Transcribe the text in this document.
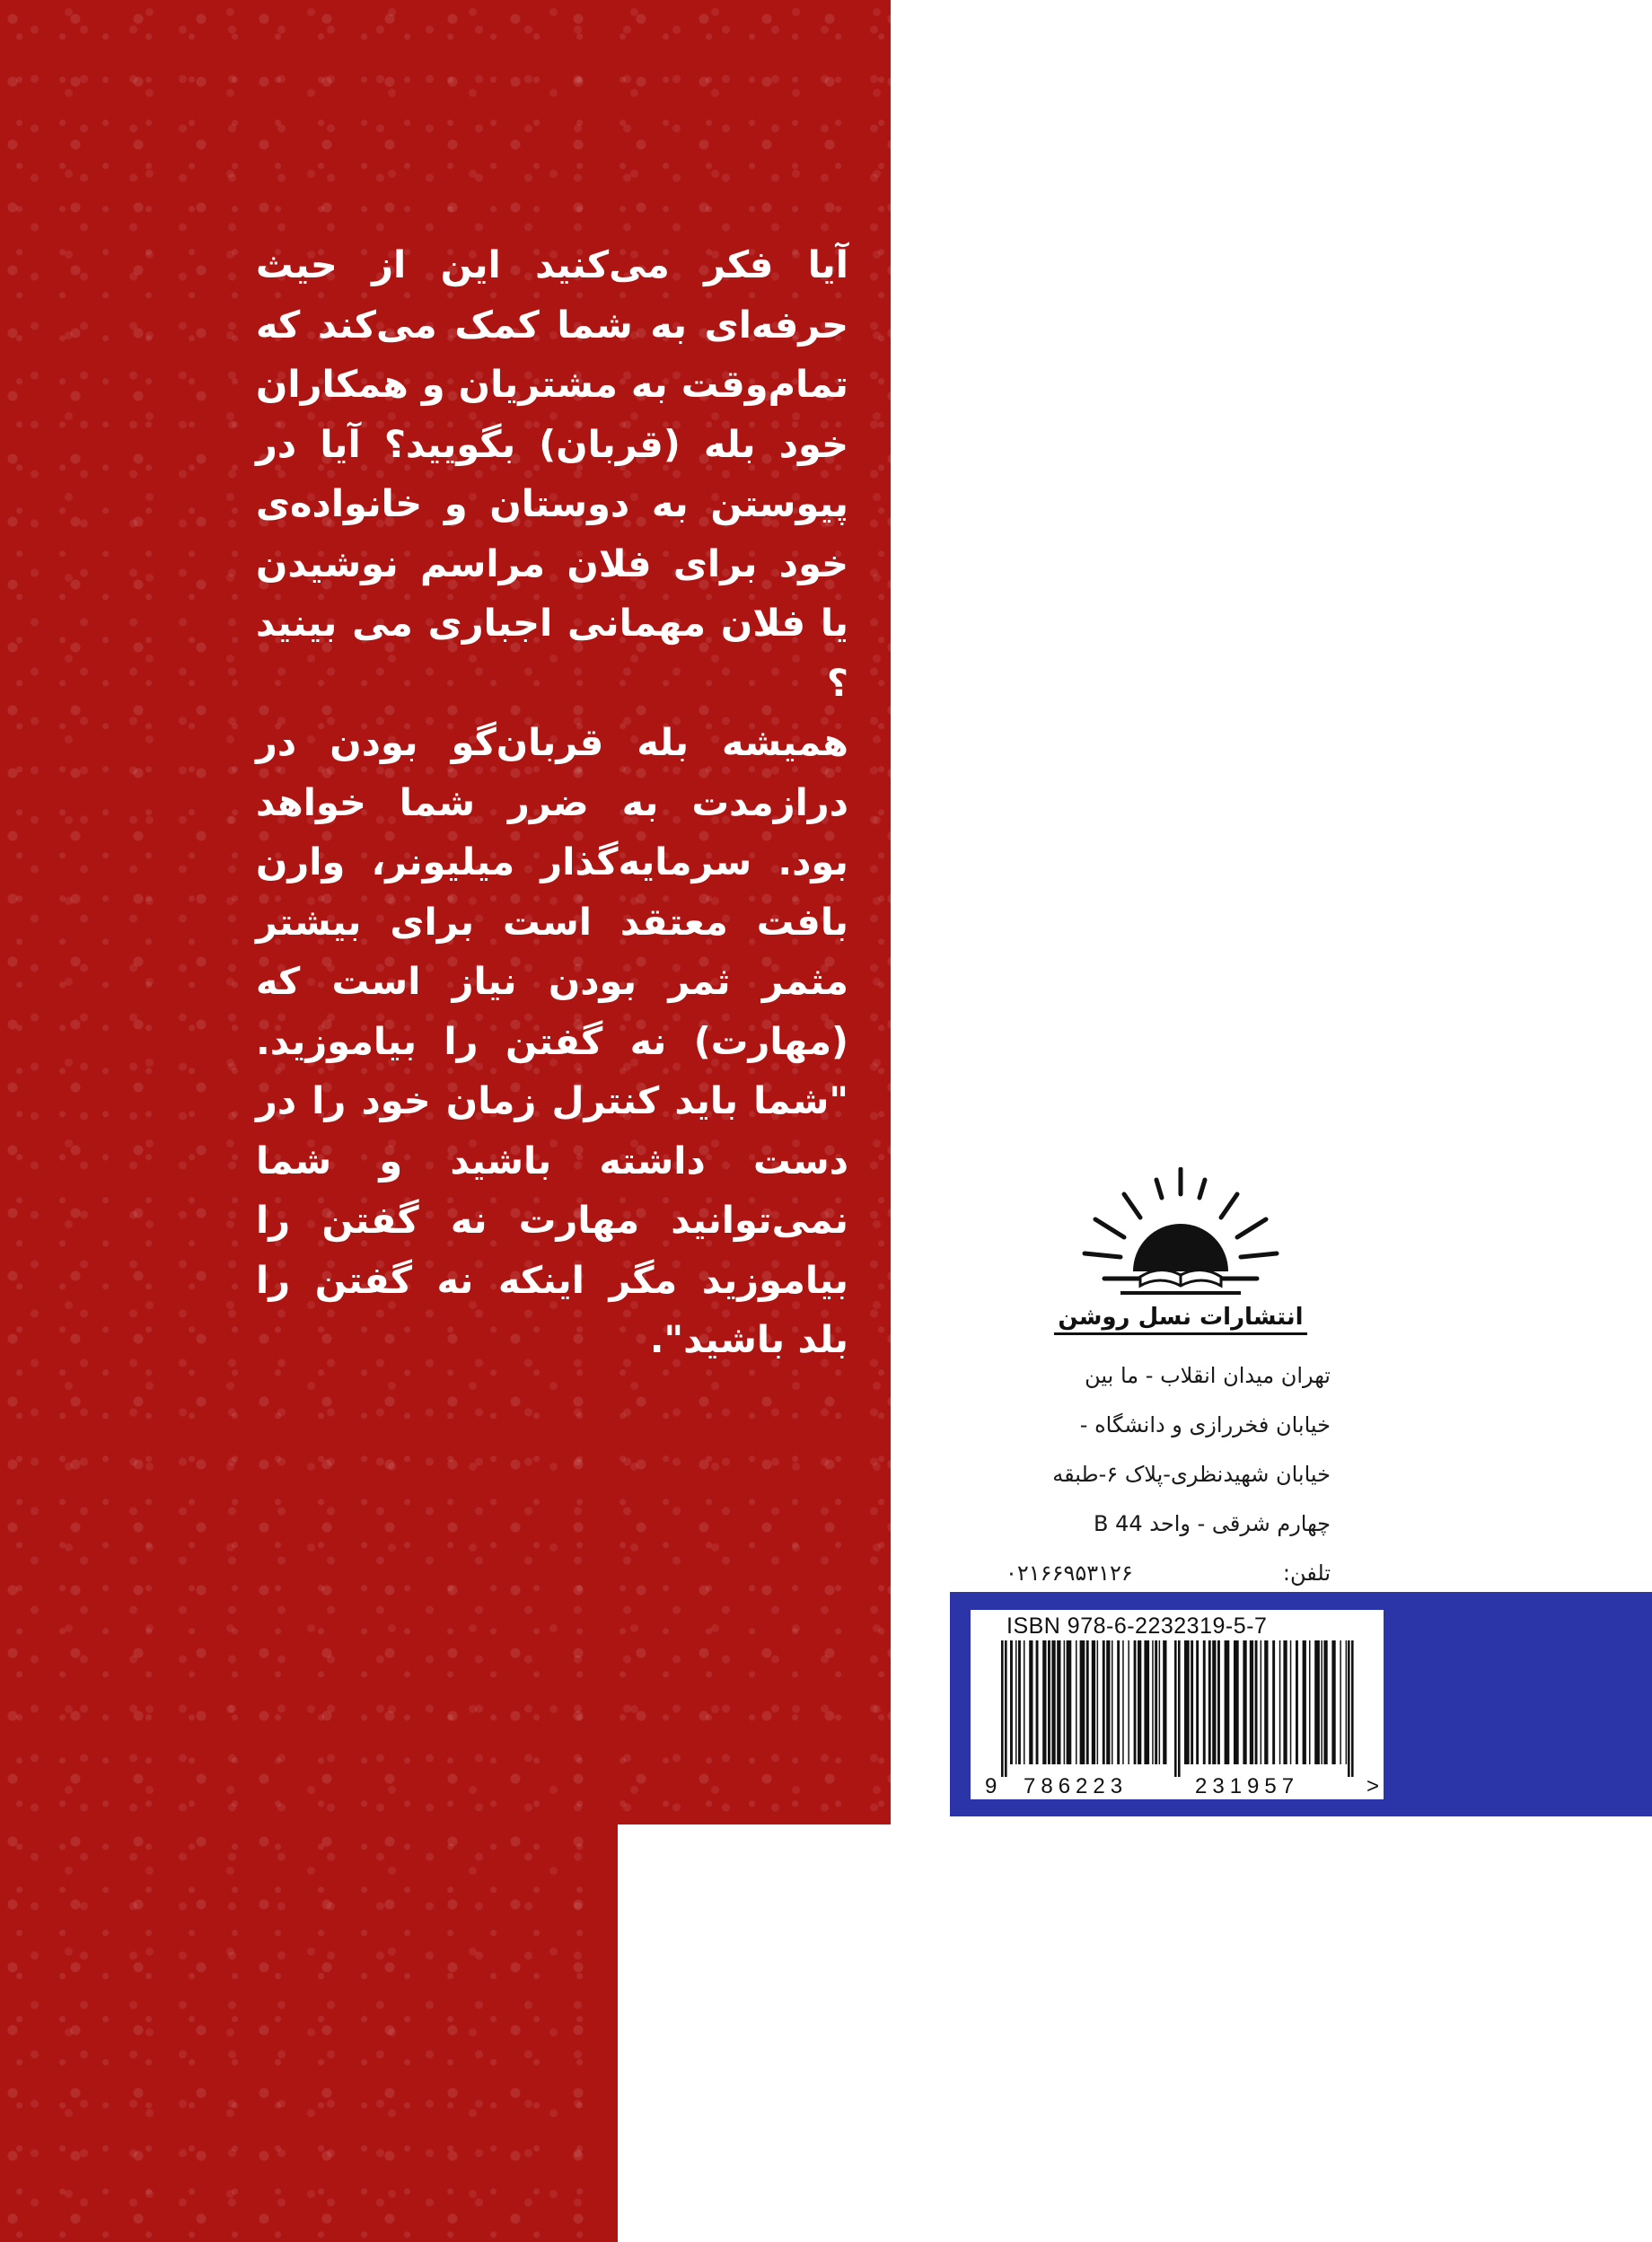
آیا فکر می‌کنید این از حیث حرفه‌ای به شما کمک می‌کند که تمام‌وقت به مشتریان و همکاران خود بله (قربان) بگویید؟ آیا در پیوستن به دوستان و خانواده‌ی خود برای فلان مراسم نوشیدن یا فلان مهمانی اجباری می بینید ؟

همیشه بله قربان‌گو بودن در درازمدت به ضرر شما خواهد بود. سرمایه‌گذار میلیونر، وارن بافت معتقد است برای بیشتر مثمر ثمر بودن نیاز است که (مهارت) نه گفتن را بیاموزید. "شما باید کنترل زمان خود را در دست داشته باشید و شما نمی‌توانید مهارت نه گفتن را بیاموزید مگر اینکه نه گفتن را بلد باشید".	انتشارات نسل روشن
تهران میدان انقلاب - ما بین
خیابان فخررازی و دانشگاه -
خیابان شهیدنظری-پلاک ۶-طبقه
چهارم شرقی - واحد 44 B
تلفن:
۰۲۱۶۶۹۵۳۱۲۶
ISBN 978-6-2232319-5-7
9 786223	231957	>
